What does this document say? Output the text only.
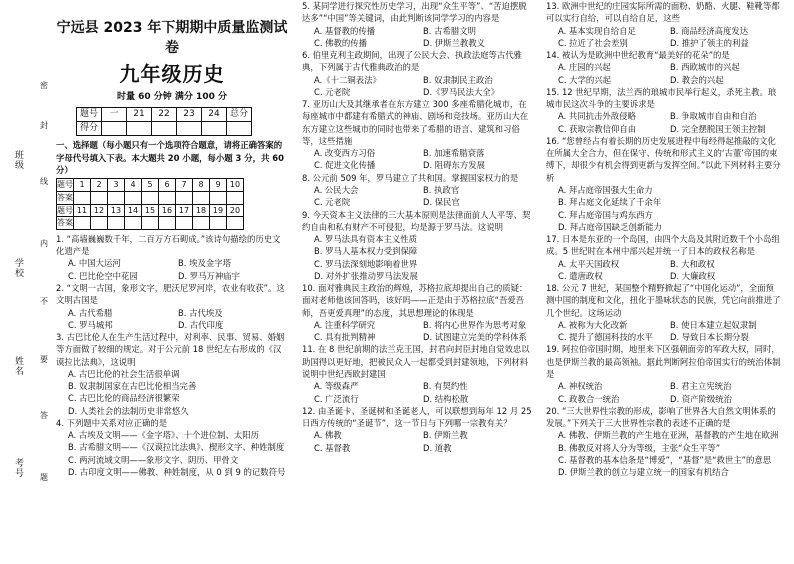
班级
学校
姓名
考号
密
封
线
内
不
要
答
题
宁远县 2023 年下期期中质量监测试卷
九年级历史
时量 60 分钟 满分 100 分
题号	一	21	22	23	24	总分
得分						
一、选择题（每小题只有一个选项符合题意，请将正确答案的字母代号填入下表。本大题共 20 小题，每小题 3 分，共 60 分）
题号	1	2	3	4	5	6	7	8	9	10
答案										
题号	11	12	13	14	15	16	17	18	19	20
答案										

1. “高墙巍巍数千年，二百万方石砌成。”该诗句描绘的历史文化遗产是

A. 中国大运河	B. 埃及金字塔
C. 巴比伦空中花园	D. 罗马万神庙宇

2. “文明一古国，象形文字，肥沃尼罗河岸，农业有收获”。这文明古国是

A. 古代希腊	B. 古代埃及
C. 罗马城邦	D. 古代印度

3. 古巴比伦人在生产生活过程中，对利率、民事、贸易、婚姻等方面做了较细的规定。对于公元前 18 世纪左右形成的《汉谟拉比法典》，这说明

A. 古巴比伦的社会生活很单调
B. 奴隶制国家在古巴比伦相当完善
C. 古巴比伦的商品经济很繁荣
D. 人类社会的法制历史非常悠久

4. 下列题中关系对应正确的是

A. 古埃及文明——《金字塔》、十个进位制、太阳历
B. 古希腊文明——《汉谟拉比法典》、楔形文字、种姓制度
C. 两河流域文明——象形文字、阴历、甲骨文
D. 古印度文明——佛教、种姓制度，从 0 到 9 的记数符号

5. 某同学进行探究性历史学习，出现“众生平等”、“苦迫摆脱达多”“中国”等关键词，由此判断该同学学习的内容是

A. 基督教的传播	B. 古希腊文明
C. 佛教的传播	D. 伊斯兰教教义

6. 伯里克利主政期间，出现了公民大会、执政法庭等古代雅典，下列属于古代雅典政治的是

A.《十二铜表法》	B. 奴隶制民主政治
C. 元老院	D.《罗马民法大全》

7. 亚历山大及其继承者在东方建立 300 多座希腊化城市，在每座城市中都建有希腊式的神庙、剧场和竞技场。亚历山大在东方建立这些城市的同时也带来了希腊的语言、建筑和习俗等，这些措施

A. 改变西方习俗	B. 加速希腊衰落
C. 促进文化传播	D. 阻碍东方发展

8. 公元前 509 年，罗马建立了共和国。掌握国家权力的是

A. 公民大会	B. 执政官
C. 元老院	D. 保民官

9. 今天资本主义法律的三大基本原则是法律面前人人平等、契约自由和私有财产不可侵犯，均是源于罗马法。这说明

A. 罗马法具有资本主义性质
B. 罗马人基本权力受到保障
C. 罗马法深刻地影响着世界
D. 对外扩张推动罗马法发展

10. 面对雅典民主政治的辉煌，苏格拉底却提出自己的质疑：面对老师他该回答吗，该好吗——正是由于苏格拉底“吾爱吾师，吾更爱真理”的态度，其思想理论的体现是

A. 注重科学研究	B. 将内心世界作为思考对象
C. 具有批判精神	D. 试图建立完美的学科体系

11. 在 8 世纪前期的法兰克王国，封君向封臣封地自觉效忠以助国得以更好地，把被民众人一起都受到封建领地，下列材料说明中世纪西欧封建国

A. 等级森严	B. 有契约性
C. 广泛流行	D. 结构松散

12. 由圣诞卡、圣诞树和圣诞老人，可以联想到每年 12 月 25 日西方传统的“圣诞节”，这一节日与下列哪一宗教有关？

A. 佛教	B. 伊斯兰教
C. 基督教	D. 道教

13. 欧洲中世纪的庄园实际所需的面粉、奶酪、火腿、鞋靴等都可以实行自给，可以自给自足，这些

A. 基本实现自给自足	B. 商品经济高度发达
C. 拉近了社会差别	D. 推护了领主的利益

14. 被认为是欧洲中世纪教育“最美好的花朵”的是

A. 庄园的兴起	B. 西欧城市的兴起
C. 大学的兴起	D. 教会的兴起

15. 12 世纪早期，法兰西的琅城市民举行起义，杀死主教。琅城市民这次斗争的主要诉求是

A. 共同抗击外敌侵略	B. 争取城市自由和自治
C. 获取宗教信仰自由	D. 完全摆脱国王领主控制

16. “您曾经占有着长期的历史发展进程中每经得起推敲的文化在所属大全合力，但在保守、传统和形式主义的‘古董’帝国的束缚下，却很少有机会得到更新与发挥空间。”以此下列材料主要分析

A. 拜占庭帝国强大生命力
B. 拜占庭文化延续了千余年
C. 拜占庭帝国与鸡东西方
D. 拜占庭帝国缺乏创新能力

17. 日本是东亚的一个岛国，由四个大岛及其附近数千个小岛组成。5 世纪时在本州中部兴起并统一了日本的政权名称是

A. 太平天国政权	B. 大和政权
C. 遣唐政权	D. 大廉政权

18. 公元 7 世纪，某国整个精野掀起了“中国化运动”，全面预测中国的制度和文化，扭化于墨咏状态的民族，凭它向前推进了几个世纪。这场运动

A. 被称为大化改新	B. 使日本建立起奴隶制
C. 提升了德国科技的水平	D. 导致日本长期分裂

19. 阿拉伯帝国时期，地里来下区强朝面旁的军政大权，同时，也是伊斯兰教的最高领袖。据此判断阿拉伯帝国实行的统治体制是

A. 神权统治	B. 君主立宪统治
C. 政教合一统治	D. 资产阶级统治

20. “三大世界性宗教的形成，影响了世界各大自然文明体系的发展。”下列关于三大世界性宗教的表述不正确的是

A. 佛教、伊斯兰教的产生地在亚洲，基督教的产生地在欧洲
B. 佛教反对将人分为等级，主张“众生平等”
C. 基督教的基本信条是“博爱”，“基督”是“救世主”的意思
D. 伊斯兰教的创立与建立统一的国家有机结合
